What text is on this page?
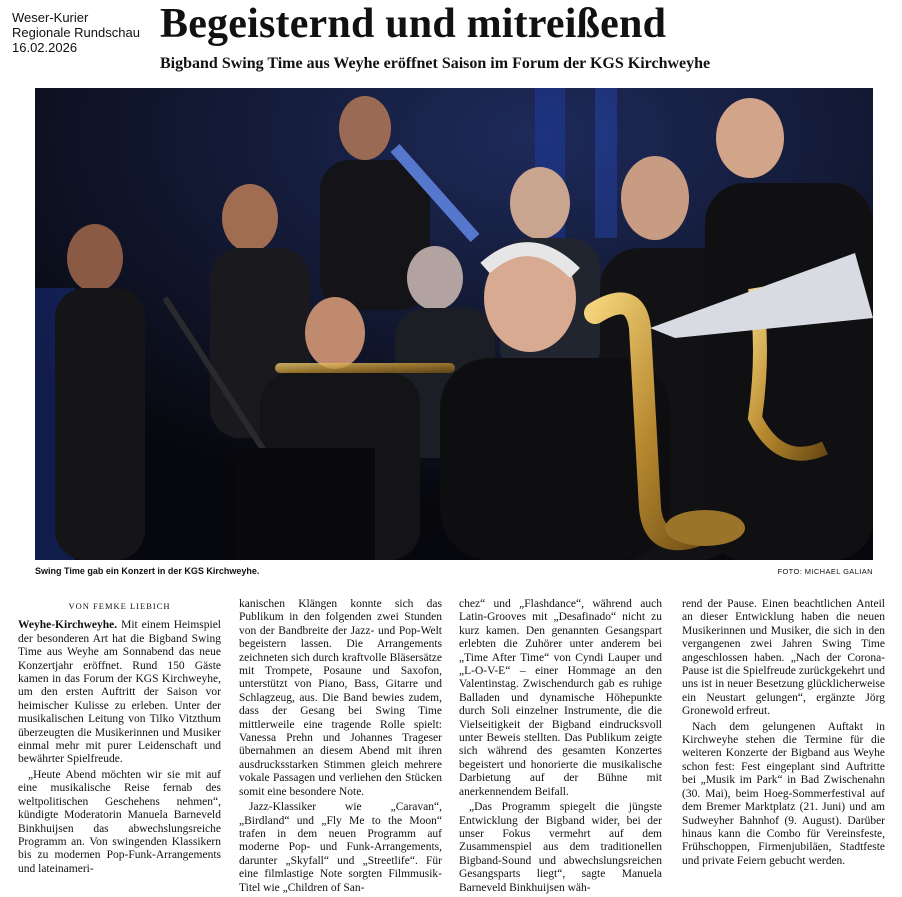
Weser-Kurier
Regionale Rundschau
16.02.2026
Begeisternd und mitreißend
Bigband Swing Time aus Weyhe eröffnet Saison im Forum der KGS Kirchweyhe
Swing Time gab ein Konzert in der KGS Kirchweyhe.	FOTO: MICHAEL GALIAN

VON FEMKE LIEBICH

Weyhe-Kirchweyhe. Mit einem Heimspiel der besonderen Art hat die Bigband Swing Time aus Weyhe am Sonnabend das neue Konzertjahr eröffnet. Rund 150 Gäste kamen in das Forum der KGS Kirchweyhe, um den ersten Auftritt der Saison vor heimischer Kulisse zu erleben. Unter der musikalischen Leitung von Tilko Vitzthum überzeugten die Musikerinnen und Musiker einmal mehr mit purer Leidenschaft und bewährter Spielfreude.

„Heute Abend möchten wir sie mit auf eine musikalische Reise fernab des weltpolitischen Geschehens nehmen“, kündigte Moderatorin Manuela Barneveld Binkhuijsen das abwechslungsreiche Programm an. Von swingenden Klassikern bis zu modernen Pop-Funk-Arrangements und lateinameri-

kanischen Klängen konnte sich das Publikum in den folgenden zwei Stunden von der Bandbreite der Jazz- und Pop-Welt begeistern lassen. Die Arrangements zeichneten sich durch kraftvolle Bläsersätze mit Trompete, Posaune und Saxofon, unterstützt von Piano, Bass, Gitarre und Schlagzeug, aus. Die Band bewies zudem, dass der Gesang bei Swing Time mittlerweile eine tragende Rolle spielt: Vanessa Prehn und Johannes Trageser übernahmen an diesem Abend mit ihren ausdrucksstarken Stimmen gleich mehrere vokale Passagen und verliehen den Stücken somit eine besondere Note.

Jazz-Klassiker wie „Caravan“, „Birdland“ und „Fly Me to the Moon“ trafen in dem neuen Programm auf moderne Pop- und Funk-Arrangements, darunter „Skyfall“ und „Streetlife“. Für eine filmlastige Note sorgten Filmmusik-Titel wie „Children of San-

chez“ und „Flashdance“, während auch Latin-Grooves mit „Desafinado“ nicht zu kurz kamen. Den genannten Gesangspart erlebten die Zuhörer unter anderem bei „Time After Time“ von Cyndi Lauper und „L-O-V-E“ – einer Hommage an den Valentinstag. Zwischendurch gab es ruhige Balladen und dynamische Höhepunkte durch Soli einzelner Instrumente, die die Vielseitigkeit der Bigband eindrucksvoll unter Beweis stellten. Das Publikum zeigte sich während des gesamten Konzertes begeistert und honorierte die musikalische Darbietung auf der Bühne mit anerkennendem Beifall.

„Das Programm spiegelt die jüngste Entwicklung der Bigband wider, bei der unser Fokus vermehrt auf dem Zusammenspiel aus dem traditionellen Bigband-Sound und abwechslungsreichen Gesangsparts liegt“, sagte Manuela Barneveld Binkhuijsen wäh-

rend der Pause. Einen beachtlichen Anteil an dieser Entwicklung haben die neuen Musikerinnen und Musiker, die sich in den vergangenen zwei Jahren Swing Time angeschlossen haben. „Nach der Corona-Pause ist die Spielfreude zurückgekehrt und uns ist in neuer Besetzung glücklicherweise ein Neustart gelungen“, ergänzte Jörg Gronewold erfreut.

Nach dem gelungenen Auftakt in Kirchweyhe stehen die Termine für die weiteren Konzerte der Bigband aus Weyhe schon fest: Fest eingeplant sind Auftritte bei „Musik im Park“ in Bad Zwischenahn (30. Mai), beim Hoeg-Sommerfestival auf dem Bremer Marktplatz (21. Juni) und am Sudweyher Bahnhof (9. August). Darüber hinaus kann die Combo für Vereinsfeste, Frühschoppen, Firmenjubiläen, Stadtfeste und private Feiern gebucht werden.
